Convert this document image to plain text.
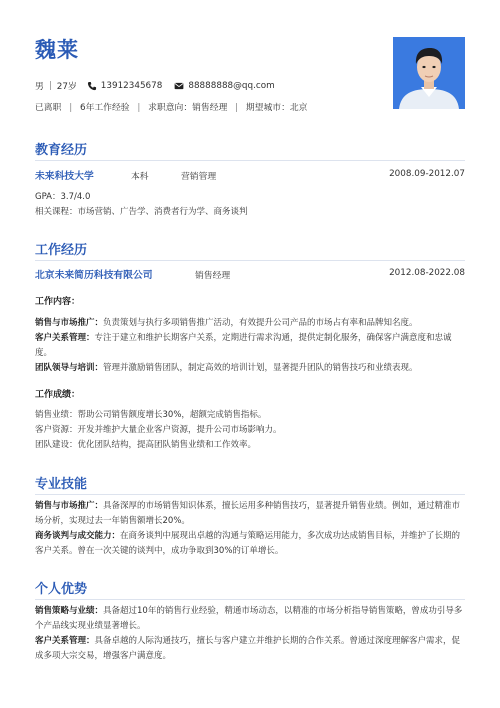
魏莱
男 | 27岁	13912345678	88888888@qq.com
已离职 | 6年工作经验 | 求职意向：销售经理 | 期望城市：北京
教育经历
未来科技大学	本科	营销管理	2008.09-2012.07
GPA：3.7/4.0
相关课程：市场营销、广告学、消费者行为学、商务谈判
工作经历
北京未来简历科技有限公司	销售经理	2012.08-2022.08
工作内容：
销售与市场推广：负责策划与执行多项销售推广活动，有效提升公司产品的市场占有率和品牌知名度。
客户关系管理：专注于建立和维护长期客户关系，定期进行需求沟通，提供定制化服务，确保客户满意度和忠诚度。
团队领导与培训：管理并激励销售团队，制定高效的培训计划，显著提升团队的销售技巧和业绩表现。
工作成绩：
销售业绩：帮助公司销售额度增长30%，超额完成销售指标。
客户资源：开发并维护大量企业客户资源，提升公司市场影响力。
团队建设：优化团队结构，提高团队销售业绩和工作效率。
专业技能
销售与市场推广：具备深厚的市场销售知识体系，擅长运用多种销售技巧，显著提升销售业绩。例如，通过精准市场分析，实现过去一年销售额增长20%。
商务谈判与成交能力：在商务谈判中展现出卓越的沟通与策略运用能力，多次成功达成销售目标，并维护了长期的客户关系。曾在一次关键的谈判中，成功争取到30%的订单增长。
个人优势
销售策略与业绩：具备超过10年的销售行业经验，精通市场动态，以精准的市场分析指导销售策略，曾成功引导多个产品线实现业绩显著增长。
客户关系管理：具备卓越的人际沟通技巧，擅长与客户建立并维护长期的合作关系。曾通过深度理解客户需求，促成多项大宗交易，增强客户满意度。
